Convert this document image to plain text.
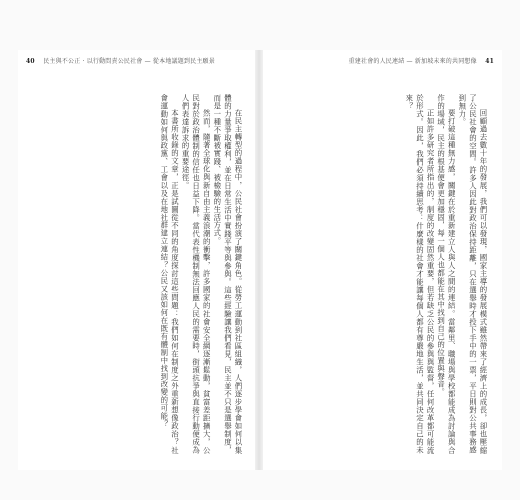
40 民主與不公正 · 以行動問責公民社會 — 從本地議題到民主願景

在民主轉型的過程中，公民社會扮演了關鍵角色。從勞工運動到社區組織，人們逐步學會如何以集體的力量爭取權利，並在日常生活中實踐平等與參與。這些經驗讓我們看見，民主並不只是選舉制度，而是一種不斷被實踐、被檢驗的生活方式。

然而，隨著全球化與新自由主義浪潮的衝擊，許多國家的社會安全網逐漸鬆動，貧富差距擴大，公民對於政治體制的信任也日益下降。當代表性機制無法回應人民的需要時，街頭抗爭與直接行動便成為人們表達訴求的重要途徑。

本書所收錄的文章，正是試圖從不同的角度探討這些問題：我們如何在制度之外重新想像政治？社會運動如何與政黨、工會以及在地社群建立連結？公民又該如何在既有體制中找到改變的可能？

重建社會的人民連結 — 新加坡未來的共同想像 41

回顧過去數十年的發展，我們可以發現，國家主導的發展模式雖然帶來了經濟上的成長，卻也壓縮了公民社會的空間。許多人因此對政治保持距離，只在選舉時才投下手中的一票，平日則對公共事務感到無力。

要打破這種無力感，關鍵在於重新建立人與人之間的連結。當鄰里、職場與學校都能成為討論與合作的場域，民主的根基便會更加穩固，每一個人也都能在其中找到自己的位置與聲音。

正如許多研究者所指出的，制度的改變固然重要，但若缺乏公民的參與與監督，任何改革都可能流於形式。因此，我們必須持續思考：什麼樣的社會才能讓每個人都有尊嚴地生活，並共同決定自己的未來？
